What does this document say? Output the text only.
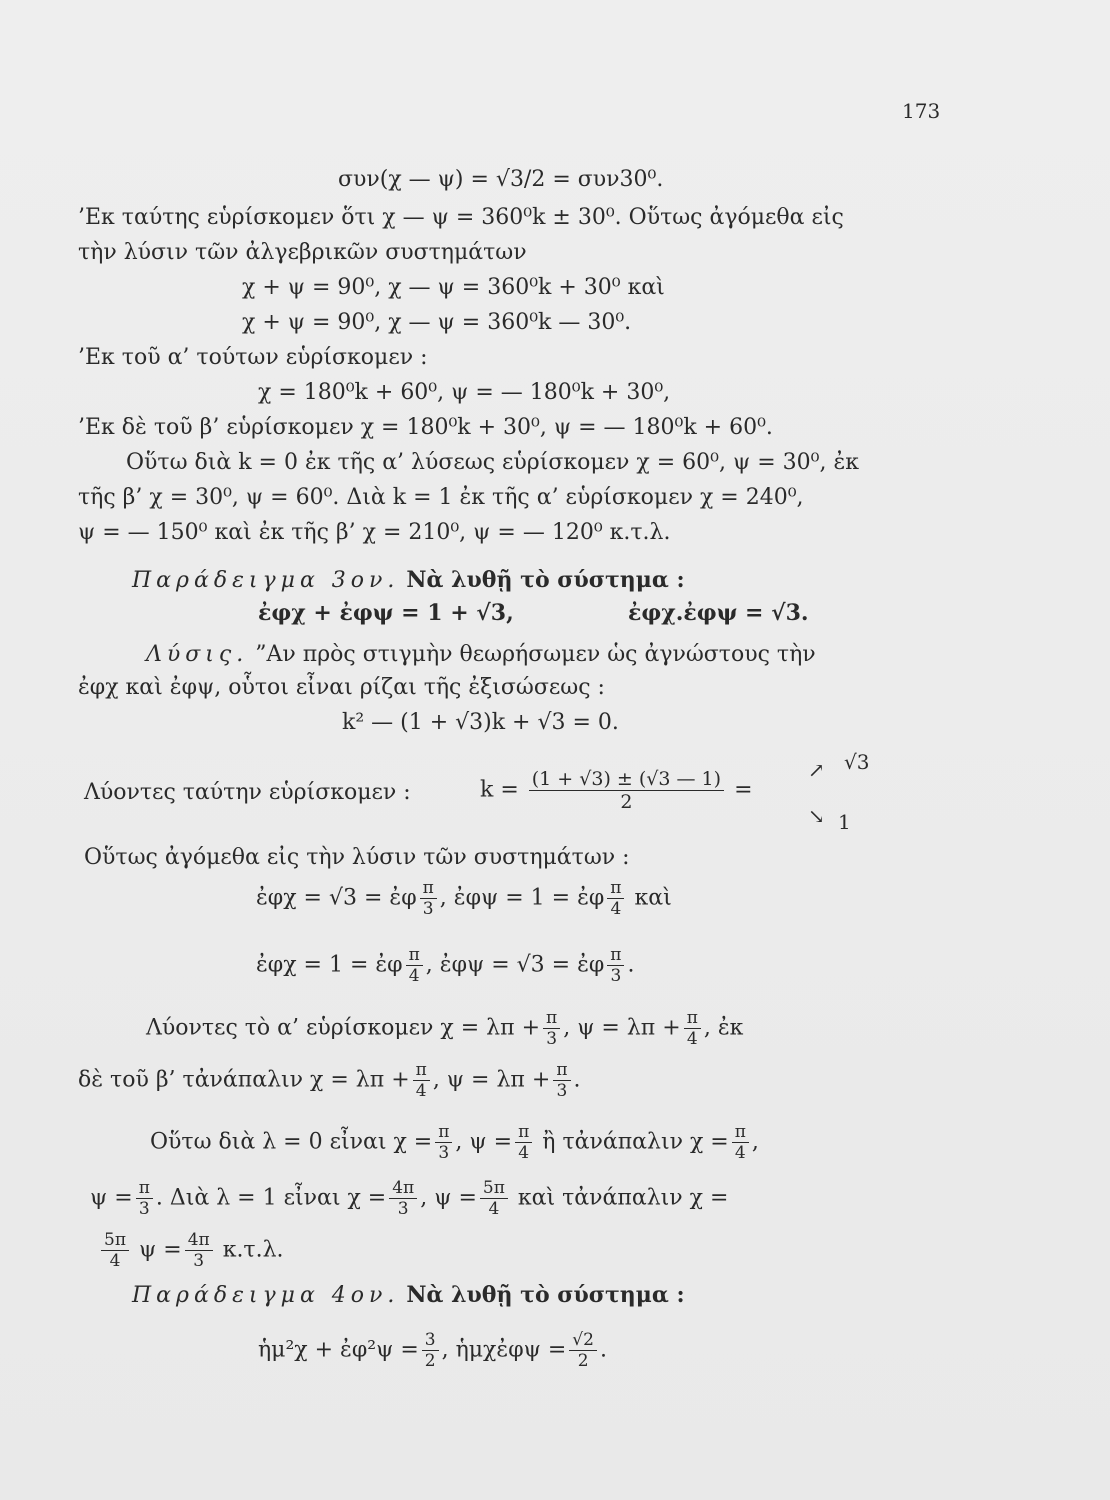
173
συν(χ — ψ) = √3/2 = συν30⁰.
’Εκ ταύτης εὑρίσκομεν ὅτι χ — ψ = 360⁰k ± 30⁰. Οὕτως ἀγόμεθα εἰς
τὴν λύσιν τῶν ἀλγεβρικῶν συστημάτων
χ + ψ = 90⁰, χ — ψ = 360⁰k + 30⁰ καὶ
χ + ψ = 90⁰, χ — ψ = 360⁰k — 30⁰.
’Εκ τοῦ α’ τούτων εὑρίσκομεν :
χ = 180⁰k + 60⁰, ψ = — 180⁰k + 30⁰,
’Εκ δὲ τοῦ β’ εὑρίσκομεν χ = 180⁰k + 30⁰, ψ = — 180⁰k + 60⁰.
Οὕτω διὰ k = 0 ἐκ τῆς α’ λύσεως εὑρίσκομεν χ = 60⁰, ψ = 30⁰, ἐκ
τῆς β’ χ = 30⁰, ψ = 60⁰. Διὰ k = 1 ἐκ τῆς α’ εὑρίσκομεν χ = 240⁰,
ψ = — 150⁰ καὶ ἐκ τῆς β’ χ = 210⁰, ψ = — 120⁰ κ.τ.λ.
Παράδειγμα 3ον. Νὰ λυθῇ τὸ σύστημα :
ἐφχ + ἐφψ = 1 + √3,	ἐφχ.ἐφψ = √3.
Λύσις. ”Αν πρὸς στιγμὴν θεωρήσωμεν ὡς ἀγνώστους τὴν
ἐφχ καὶ ἐφψ, οὗτοι εἶναι ρίζαι τῆς ἐξισώσεως :
k² — (1 + √3)k + √3 = 0.
Λύοντες ταύτην εὑρίσκομεν :	$k = \frac{(1 + √3) \pm (√3 — 1)}{2}$ =
↗ √3
↘ 1
Οὕτως ἀγόμεθα εἰς τὴν λύσιν τῶν συστημάτων :
ἐφχ = √3 = ἐφ $\frac{\pi}{3}$ , ἐφψ = 1 = ἐφ $\frac{\pi}{4}$ καὶ
ἐφχ = 1 = ἐφ $\frac{\pi}{4}$ , ἐφψ = √3 = ἐφ $\frac{\pi}{3}$ .
Λύοντες τὸ α’ εὑρίσκομεν $\chi = \lambda\pi + \frac{\pi}{3}$ , $\psi = \lambda\pi + \frac{\pi}{4}$ , ἐκ
δὲ τοῦ β’ τἀνάπαλιν $\chi = \lambda\pi + \frac{\pi}{4}$ , $\psi = \lambda\pi + \frac{\pi}{3}$ .
Οὕτω διὰ λ = 0 εἶναι $\chi = \frac{\pi}{3}$ , $\psi = \frac{\pi}{4}$ ἢ τἀνάπαλιν $\chi = \frac{\pi}{4}$ ,
$\psi = \frac{\pi}{3}$ . Διὰ λ = 1 εἶναι $\chi = \frac{4\pi}{3}$ , $\psi = \frac{5\pi}{4}$ καὶ τἀνάπαλιν χ =
$\frac{5\pi}{4}$ $\psi = \frac{4\pi}{3} \kappa.\tau.\lambda$.
Παράδειγμα 4ον. Νὰ λυθῇ τὸ σύστημα :
ἡμ²χ + ἐφ²ψ = $\frac{3}{2}$ , ἡμχἐφψ = $\frac{√2}{2}$ .
